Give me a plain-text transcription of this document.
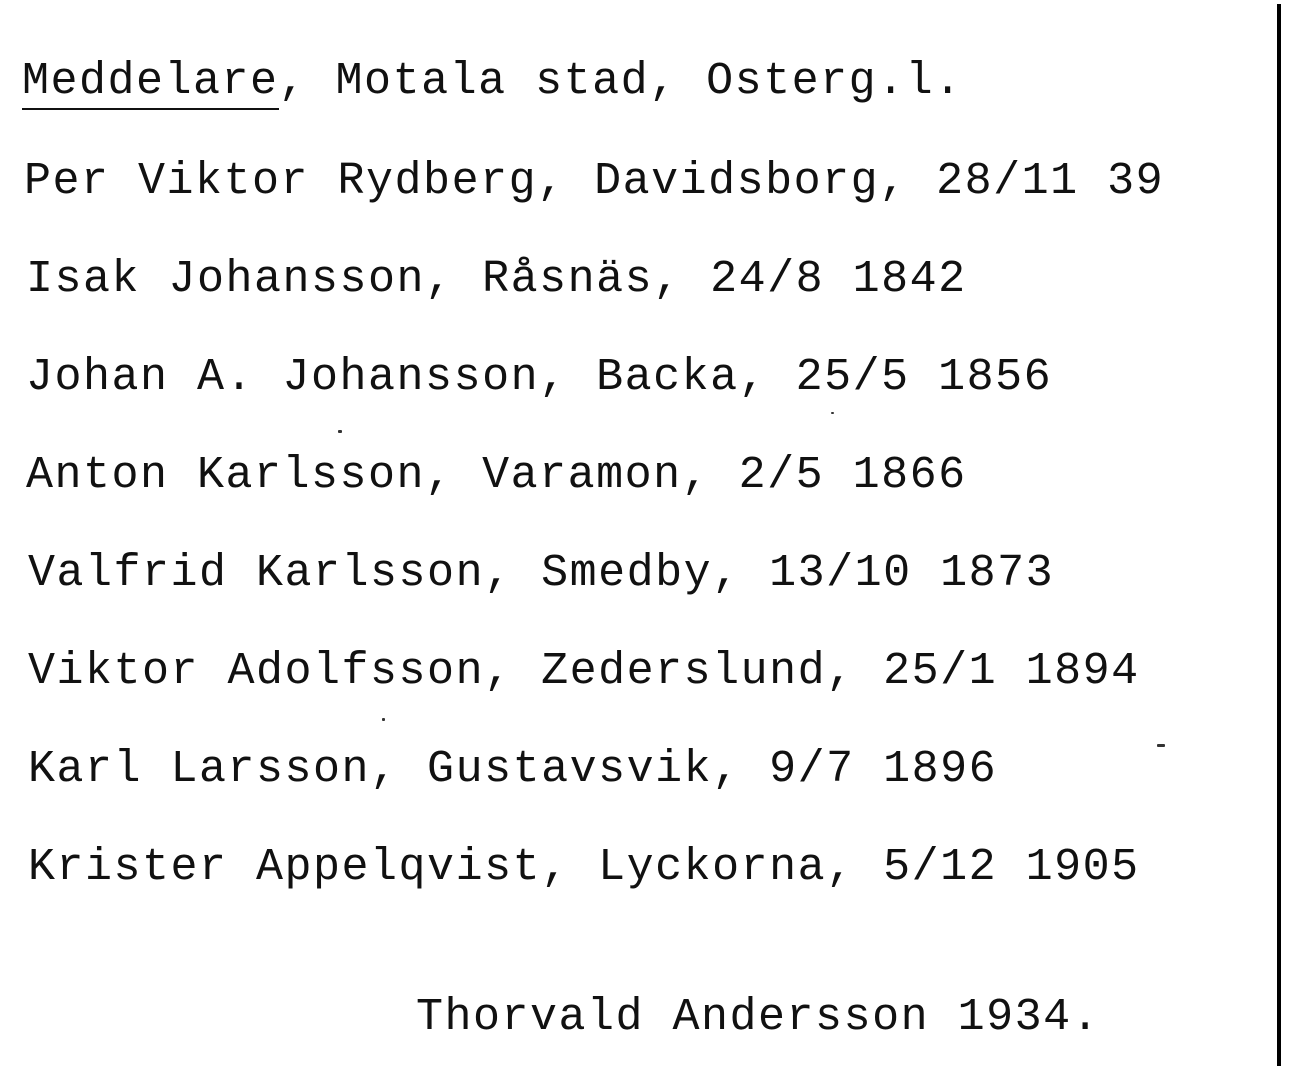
Meddelare, Motala stad, Osterg.l.
Per Viktor Rydberg, Davidsborg, 28/11 39
Isak Johansson, Råsnäs, 24/8 1842
Johan A. Johansson, Backa, 25/5 1856
Anton Karlsson, Varamon, 2/5 1866
Valfrid Karlsson, Smedby, 13/10 1873
Viktor Adolfsson, Zederslund, 25/1 1894
Karl Larsson, Gustavsvik, 9/7 1896
Krister Appelqvist, Lyckorna, 5/12 1905
Thorvald Andersson 1934.
